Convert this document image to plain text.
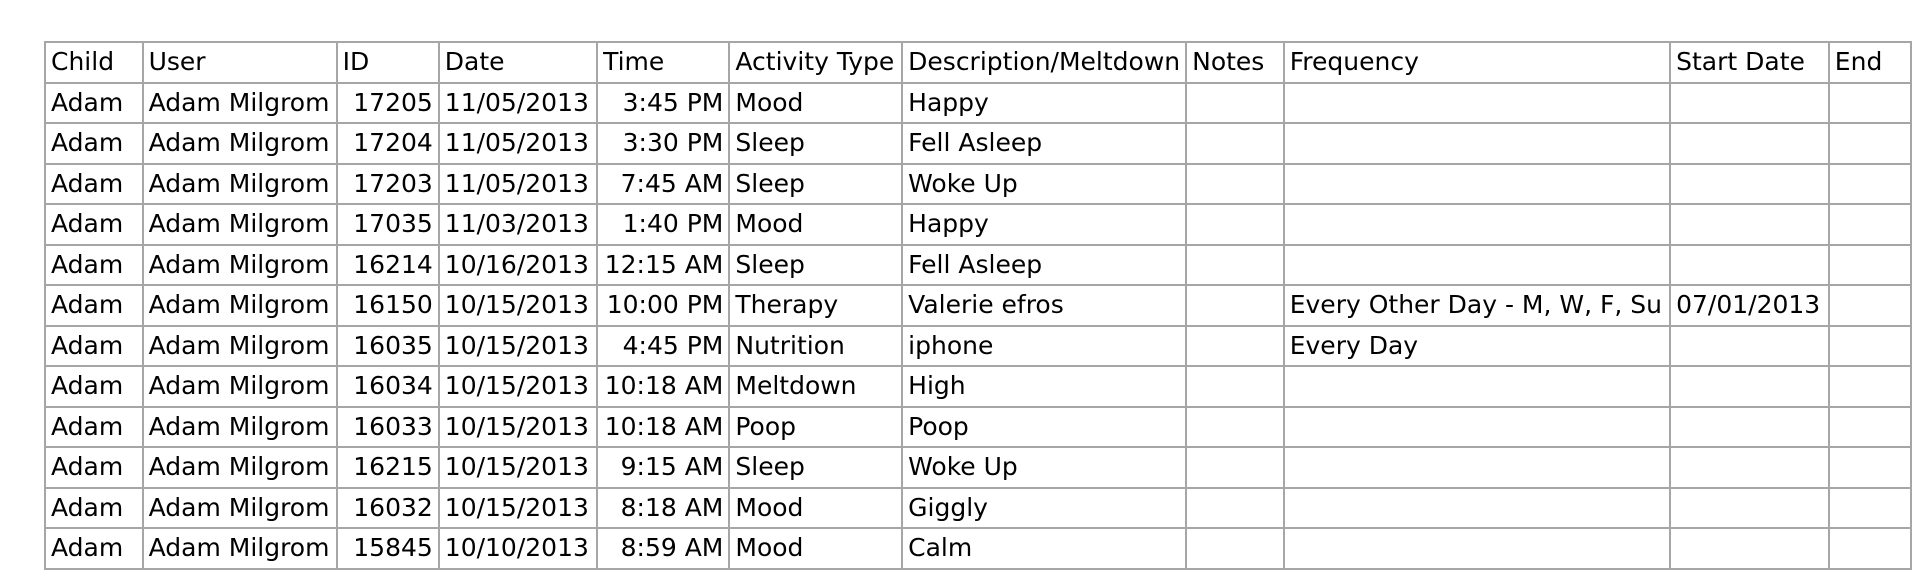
Child	User	ID	Date	Time	Activity Type	Description/Meltdown	Notes	Frequency	Start Date	End
Adam	Adam Milgrom	17205	11/05/2013	3:45 PM	Mood	Happy				
Adam	Adam Milgrom	17204	11/05/2013	3:30 PM	Sleep	Fell Asleep				
Adam	Adam Milgrom	17203	11/05/2013	7:45 AM	Sleep	Woke Up				
Adam	Adam Milgrom	17035	11/03/2013	1:40 PM	Mood	Happy				
Adam	Adam Milgrom	16214	10/16/2013	12:15 AM	Sleep	Fell Asleep				
Adam	Adam Milgrom	16150	10/15/2013	10:00 PM	Therapy	Valerie efros		Every Other Day - M, W, F, Su	07/01/2013	
Adam	Adam Milgrom	16035	10/15/2013	4:45 PM	Nutrition	iphone		Every Day		
Adam	Adam Milgrom	16034	10/15/2013	10:18 AM	Meltdown	High				
Adam	Adam Milgrom	16033	10/15/2013	10:18 AM	Poop	Poop				
Adam	Adam Milgrom	16215	10/15/2013	9:15 AM	Sleep	Woke Up				
Adam	Adam Milgrom	16032	10/15/2013	8:18 AM	Mood	Giggly				
Adam	Adam Milgrom	15845	10/10/2013	8:59 AM	Mood	Calm				
